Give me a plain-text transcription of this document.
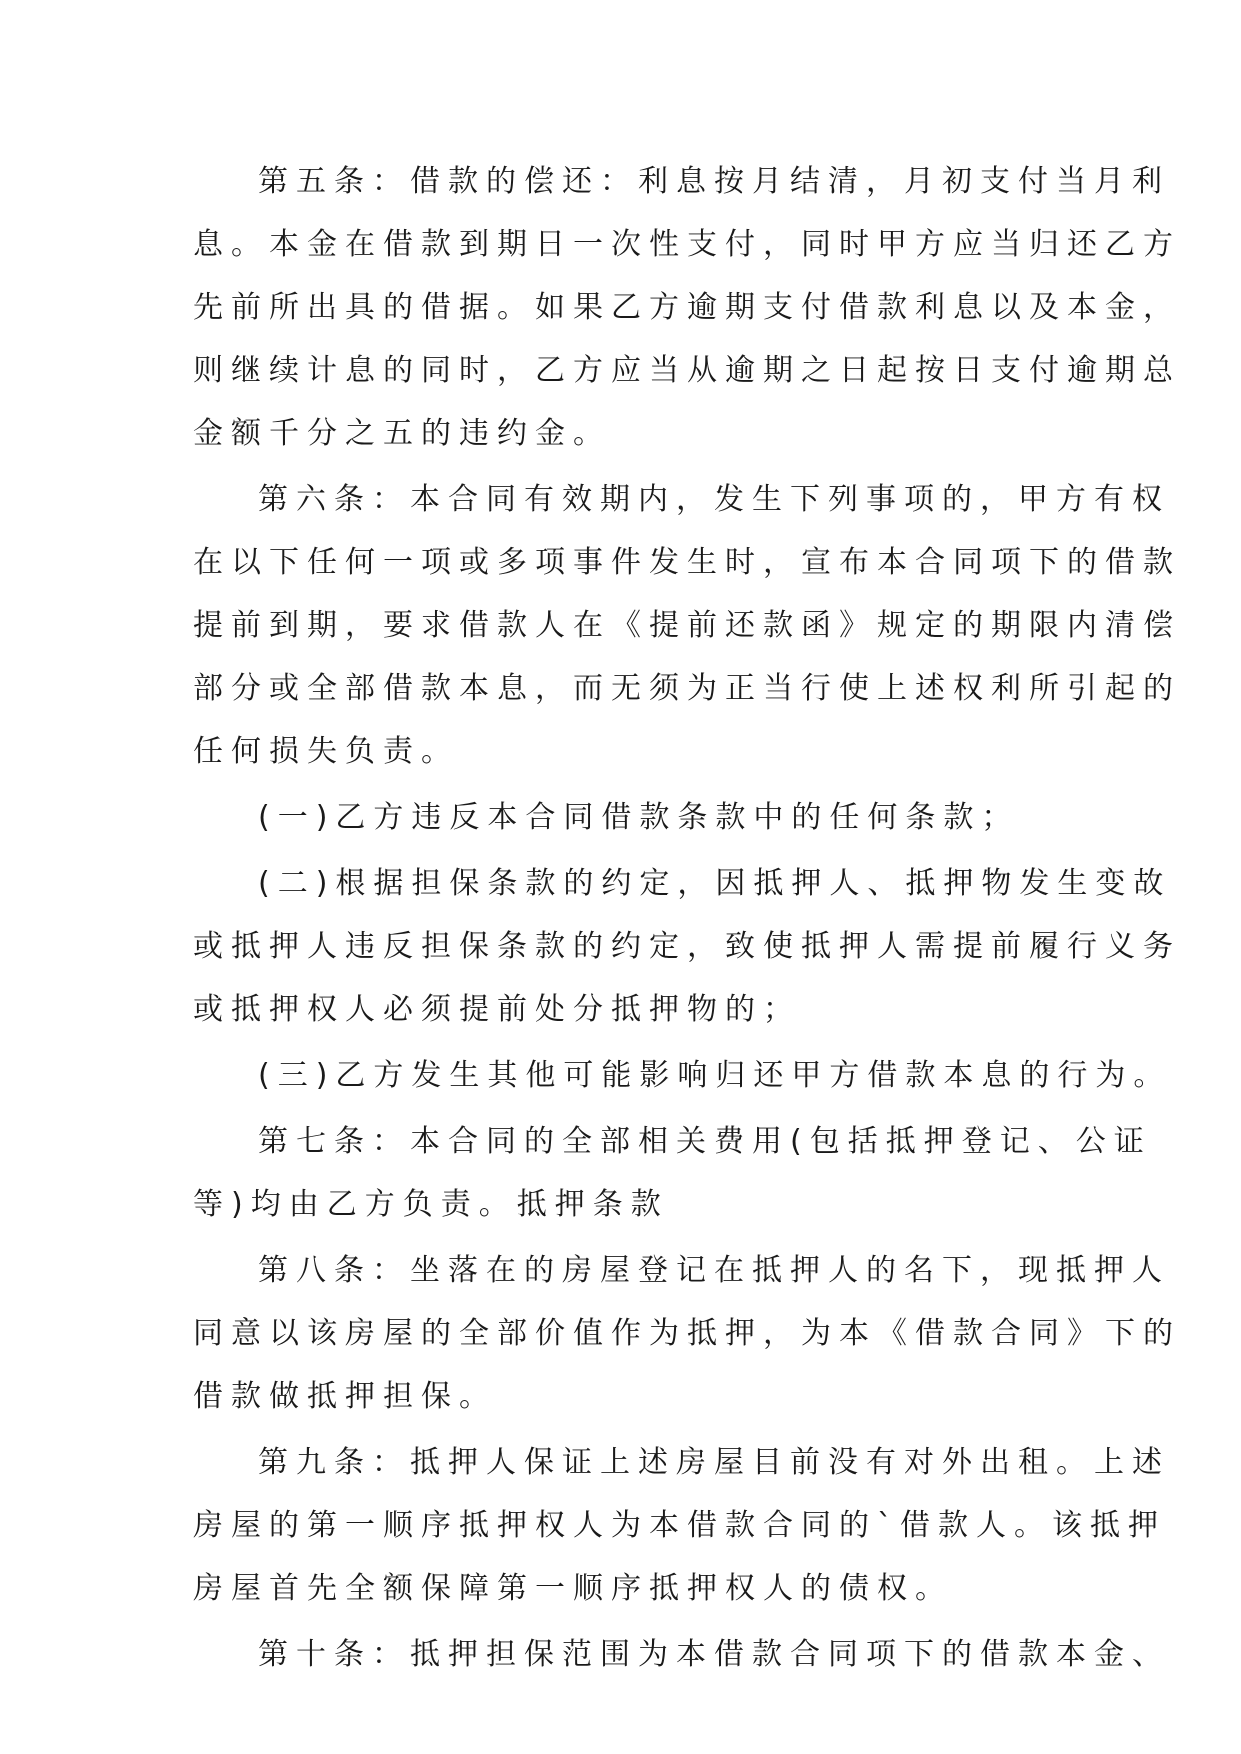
第五条：借款的偿还：利息按月结清，月初支付当月利
息。本金在借款到期日一次性支付，同时甲方应当归还乙方
先前所出具的借据。如果乙方逾期支付借款利息以及本金，
则继续计息的同时，乙方应当从逾期之日起按日支付逾期总
金额千分之五的违约金。
第六条：本合同有效期内，发生下列事项的，甲方有权
在以下任何一项或多项事件发生时，宣布本合同项下的借款
提前到期，要求借款人在《提前还款函》规定的期限内清偿
部分或全部借款本息，而无须为正当行使上述权利所引起的
任何损失负责。
(一)乙方违反本合同借款条款中的任何条款；
(二)根据担保条款的约定，因抵押人、抵押物发生变故
或抵押人违反担保条款的约定，致使抵押人需提前履行义务
或抵押权人必须提前处分抵押物的；
(三)乙方发生其他可能影响归还甲方借款本息的行为。
第七条：本合同的全部相关费用(包括抵押登记、公证
等)均由乙方负责。抵押条款
第八条：坐落在的房屋登记在抵押人的名下，现抵押人
同意以该房屋的全部价值作为抵押，为本《借款合同》下的
借款做抵押担保。
第九条：抵押人保证上述房屋目前没有对外出租。上述
房屋的第一顺序抵押权人为本借款合同的`借款人。该抵押
房屋首先全额保障第一顺序抵押权人的债权。
第十条：抵押担保范围为本借款合同项下的借款本金、
